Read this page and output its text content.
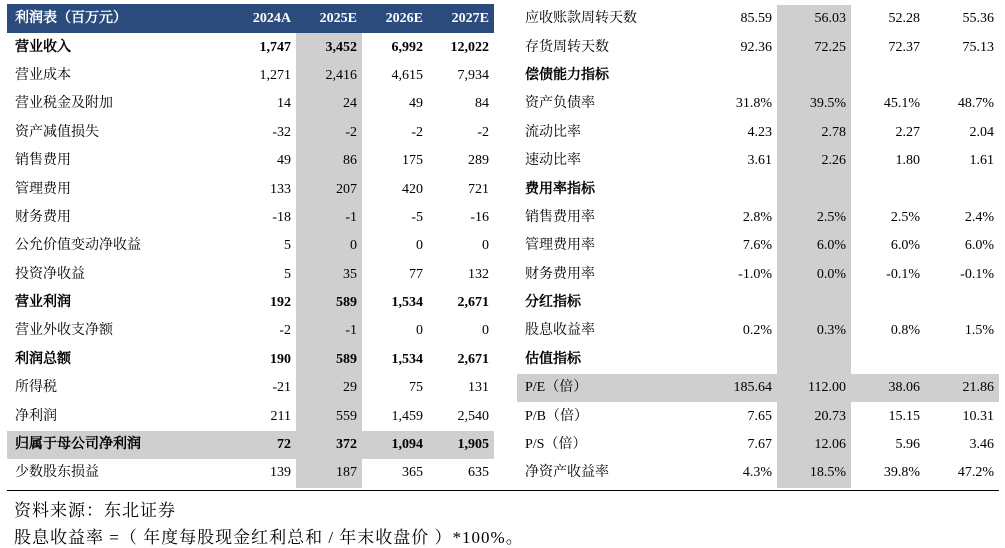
利润表（百万元）	2024A	2025E	2026E	2027E
营业收入	1,747	3,452	6,992	12,022
营业成本	1,271	2,416	4,615	7,934
营业税金及附加	14	24	49	84
资产减值损失	-32	-2	-2	-2
销售费用	49	86	175	289
管理费用	133	207	420	721
财务费用	-18	-1	-5	-16
公允价值变动净收益	5	0	0	0
投资净收益	5	35	77	132
营业利润	192	589	1,534	2,671
营业外收支净额	-2	-1	0	0
利润总额	190	589	1,534	2,671
所得税	-21	29	75	131
净利润	211	559	1,459	2,540
归属于母公司净利润	72	372	1,094	1,905
少数股东损益	139	187	365	635
应收账款周转天数	85.59	56.03	52.28	55.36
存货周转天数	92.36	72.25	72.37	75.13
偿债能力指标				
资产负债率	31.8%	39.5%	45.1%	48.7%
流动比率	4.23	2.78	2.27	2.04
速动比率	3.61	2.26	1.80	1.61
费用率指标				
销售费用率	2.8%	2.5%	2.5%	2.4%
管理费用率	7.6%	6.0%	6.0%	6.0%
财务费用率	-1.0%	0.0%	-0.1%	-0.1%
分红指标				
股息收益率	0.2%	0.3%	0.8%	1.5%
估值指标				
P/E（倍）	185.64	112.00	38.06	21.86
P/B（倍）	7.65	20.73	15.15	10.31
P/S（倍）	7.67	12.06	5.96	3.46
净资产收益率	4.3%	18.5%	39.8%	47.2%
资料来源：东北证券
股息收益率 =（ 年度每股现金红利总和 / 年末收盘价 ）*100%。
